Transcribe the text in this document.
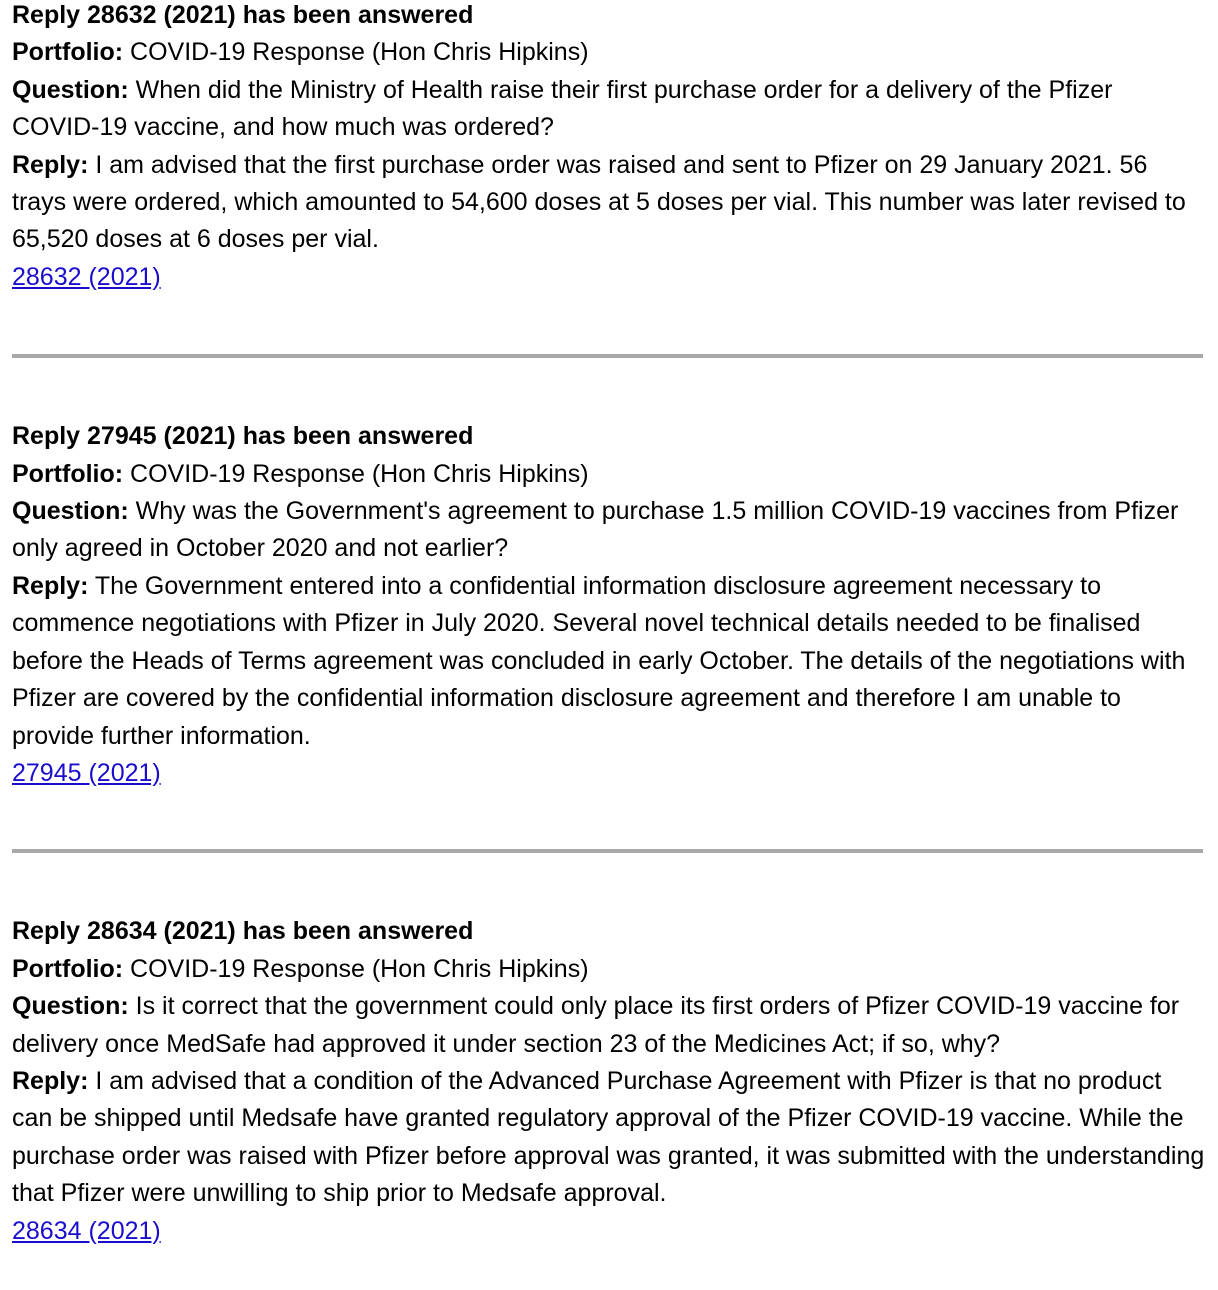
Reply 28632 (2021) has been answered

Portfolio: COVID-19 Response (Hon Chris Hipkins)

Question: When did the Ministry of Health raise their first purchase order for a delivery of the Pfizer COVID-19 vaccine, and how much was ordered?

Reply: I am advised that the first purchase order was raised and sent to Pfizer on 29 January 2021. 56 trays were ordered, which amounted to 54,600 doses at 5 doses per vial. This number was later revised to 65,520 doses at 6 doses per vial.

28632 (2021)

Reply 27945 (2021) has been answered

Portfolio: COVID-19 Response (Hon Chris Hipkins)

Question: Why was the Government's agreement to purchase 1.5 million COVID-19 vaccines from Pfizer only agreed in October 2020 and not earlier?

Reply: The Government entered into a confidential information disclosure agreement necessary to commence negotiations with Pfizer in July 2020. Several novel technical details needed to be finalised before the Heads of Terms agreement was concluded in early October. The details of the negotiations with Pfizer are covered by the confidential information disclosure agreement and therefore I am unable to provide further information.

27945 (2021)

Reply 28634 (2021) has been answered

Portfolio: COVID-19 Response (Hon Chris Hipkins)

Question: Is it correct that the government could only place its first orders of Pfizer COVID-19 vaccine for delivery once MedSafe had approved it under section 23 of the Medicines Act; if so, why?

Reply: I am advised that a condition of the Advanced Purchase Agreement with Pfizer is that no product can be shipped until Medsafe have granted regulatory approval of the Pfizer COVID-19 vaccine. While the purchase order was raised with Pfizer before approval was granted, it was submitted with the understanding that Pfizer were unwilling to ship prior to Medsafe approval.

28634 (2021)
